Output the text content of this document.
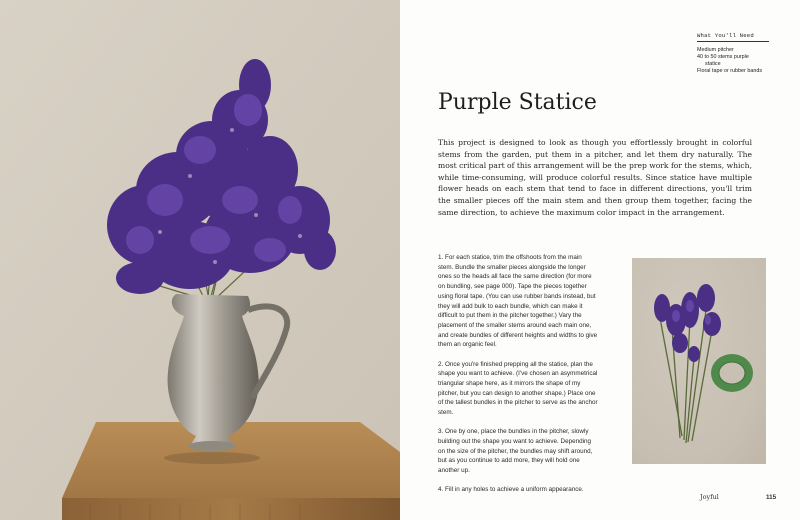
What You'll Need
Medium pitcher
40 to 50 stems purple
statice
Floral tape or rubber bands
Purple Statice

This project is designed to look as though you effortlessly brought in colorful stems from the garden, put them in a pitcher, and let them dry naturally. The most critical part of this arrangement will be the prep work for the stems, which, while time-consuming, will produce colorful results. Since statice have multiple flower heads on each stem that tend to face in different directions, you'll trim the smaller pieces off the main stem and then group them together, facing the same direction, to achieve the maximum color impact in the arrangement.

1. For each statice, trim the offshoots from the main stem. Bundle the smaller pieces alongside the longer ones so the heads all face the same direction (for more on bundling, see page 000). Tape the pieces together using floral tape. (You can use rubber bands instead, but they will add bulk to each bundle, which can make it difficult to put them in the pitcher together.) Vary the placement of the smaller stems around each main one, and create bundles of different heights and widths to give them an organic feel.
2. Once you're finished prepping all the statice, plan the shape you want to achieve. (I've chosen an asymmetrical triangular shape here, as it mirrors the shape of my pitcher, but you can design to another shape.) Place one of the tallest bundles in the pitcher to serve as the anchor stem.
3. One by one, place the bundles in the pitcher, slowly building out the shape you want to achieve. Depending on the size of the pitcher, the bundles may shift around, but as you continue to add more, they will hold one another up.
4. Fill in any holes to achieve a uniform appearance.
Joyful	115
